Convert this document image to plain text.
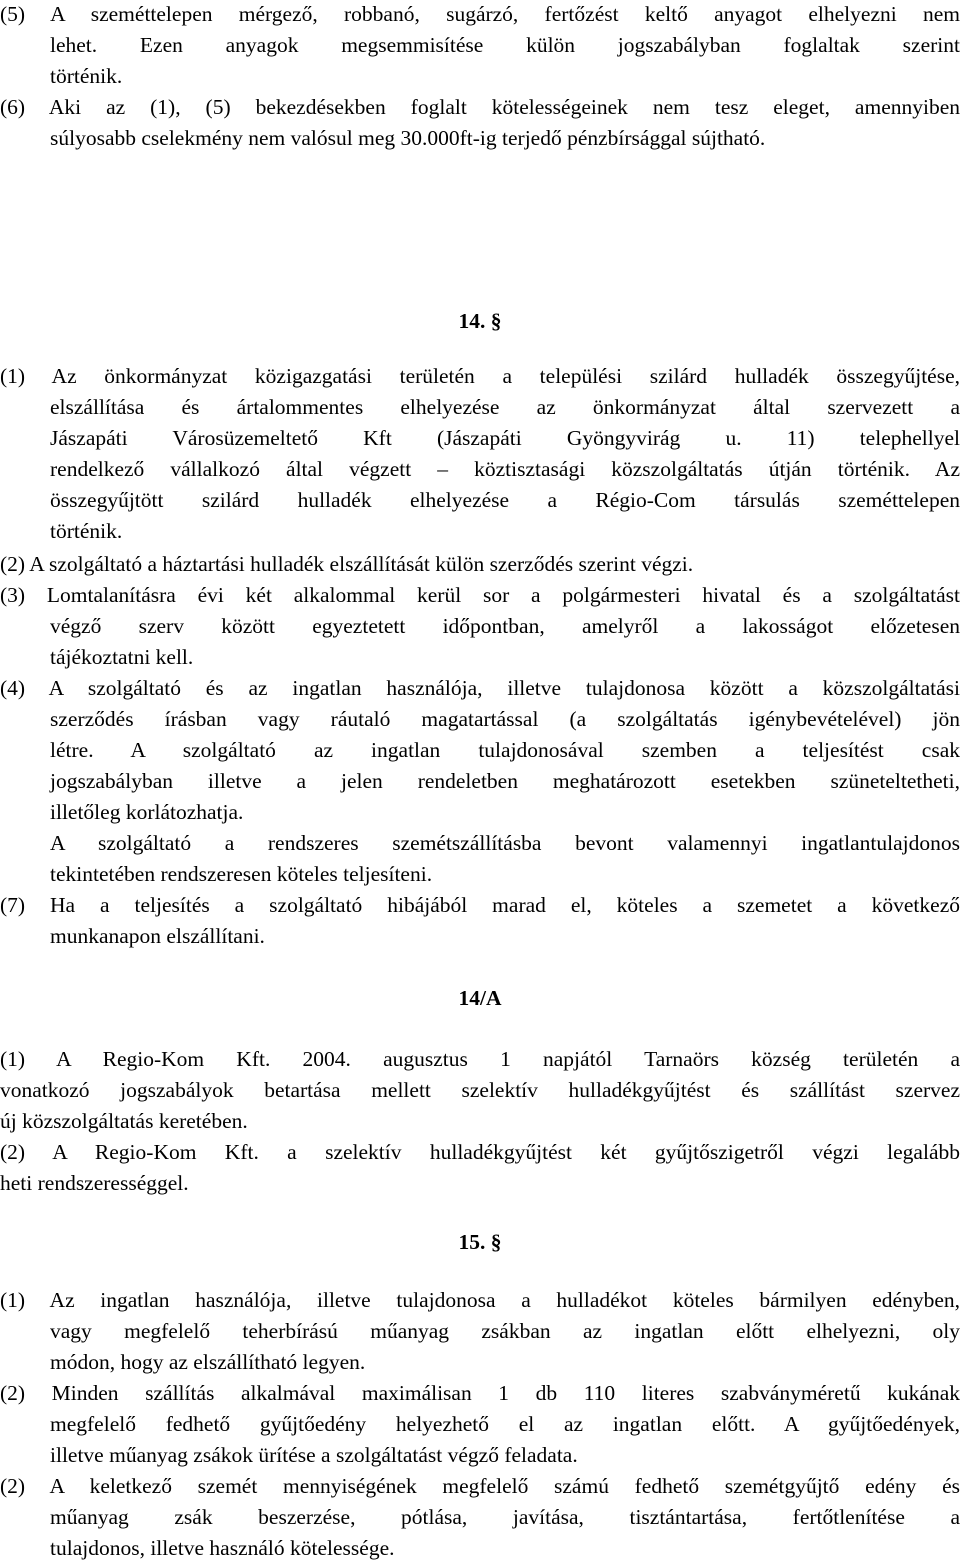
(5) A szeméttelepen mérgező, robbanó, sugárzó, fertőzést keltő anyagot elhelyezni nem
lehet. Ezen anyagok megsemmisítése külön jogszabályban foglaltak szerint
történik.
(6) Aki az (1), (5) bekezdésekben foglalt kötelességeinek nem tesz eleget, amennyiben
súlyosabb cselekmény nem valósul meg 30.000ft-ig terjedő pénzbírsággal sújtható.
14. §
(1) Az önkormányzat közigazgatási területén a települési szilárd hulladék összegyűjtése,
elszállítása és ártalommentes elhelyezése az önkormányzat által szervezett a
Jászapáti Városüzemeltető Kft (Jászapáti Gyöngyvirág u. 11) telephellyel
rendelkező vállalkozó által végzett – köztisztasági közszolgáltatás útján történik. Az
összegyűjtött szilárd hulladék elhelyezése a Régio-Com társulás szeméttelepen
történik.
(2) A szolgáltató a háztartási hulladék elszállítását külön szerződés szerint végzi.
(3) Lomtalanításra évi két alkalommal kerül sor a polgármesteri hivatal és a szolgáltatást
végző szerv között egyeztetett időpontban, amelyről a lakosságot előzetesen
tájékoztatni kell.
(4) A szolgáltató és az ingatlan használója, illetve tulajdonosa között a közszolgáltatási
szerződés írásban vagy ráutaló magatartással (a szolgáltatás igénybevételével) jön
létre. A szolgáltató az ingatlan tulajdonosával szemben a teljesítést csak
jogszabályban illetve a jelen rendeletben meghatározott esetekben szüneteltetheti,
illetőleg korlátozhatja.
A szolgáltató a rendszeres szemétszállításba bevont valamennyi ingatlantulajdonos
tekintetében rendszeresen köteles teljesíteni.
(7) Ha a teljesítés a szolgáltató hibájából marad el, köteles a szemetet a következő
munkanapon elszállítani.
14/A
(1) A Regio-Kom Kft. 2004. augusztus 1 napjától Tarnaörs község területén a
vonatkozó jogszabályok betartása mellett szelektív hulladékgyűjtést és szállítást szervez
új közszolgáltatás keretében.
(2) A Regio-Kom Kft. a szelektív hulladékgyűjtést két gyűjtőszigetről végzi legalább
heti rendszerességgel.
15. §
(1) Az ingatlan használója, illetve tulajdonosa a hulladékot köteles bármilyen edényben,
vagy megfelelő teherbírású műanyag zsákban az ingatlan előtt elhelyezni, oly
módon, hogy az elszállítható legyen.
(2) Minden szállítás alkalmával maximálisan 1 db 110 literes szabványméretű kukának
megfelelő fedhető gyűjtőedény helyezhető el az ingatlan előtt. A gyűjtőedények,
illetve műanyag zsákok ürítése a szolgáltatást végző feladata.
(2) A keletkező szemét mennyiségének megfelelő számú fedhető szemétgyűjtő edény és
műanyag zsák beszerzése, pótlása, javítása, tisztántartása, fertőtlenítése a
tulajdonos, illetve használó kötelessége.
